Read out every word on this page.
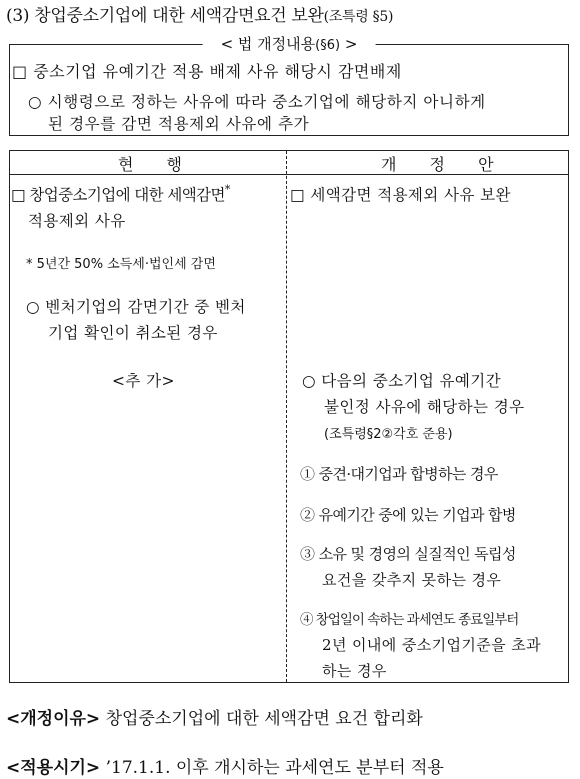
(3) 창업중소기업에 대한 세액감면요건 보완(조특령 §5)
< 법 개정내용(§6) >
□ 중소기업 유예기간 적용 배제 사유 해당시 감면배제
○ 시행령으로 정하는 사유에 따라 중소기업에 해당하지 아니하게
된 경우를 감면 적용제외 사유에 추가
현 행	개 정 안
□ 창업중소기업에 대한 세액감면*
적용제외 사유
* 5년간 50% 소득세·법인세 감면
○ 벤처기업의 감면기간 중 벤처
기업 확인이 취소된 경우
<추 가>
□ 세액감면 적용제외 사유 보완
○ 다음의 중소기업 유예기간
불인정 사유에 해당하는 경우
(조특령§2②각호 준용)
① 중견·대기업과 합병하는 경우
② 유예기간 중에 있는 기업과 합병
③ 소유 및 경영의 실질적인 독립성
요건을 갖추지 못하는 경우
④ 창업일이 속하는 과세연도 종료일부터
2년 이내에 중소기업기준을 초과
하는 경우
<개정이유> 창업중소기업에 대한 세액감면 요건 합리화
<적용시기> ’17.1.1. 이후 개시하는 과세연도 분부터 적용
